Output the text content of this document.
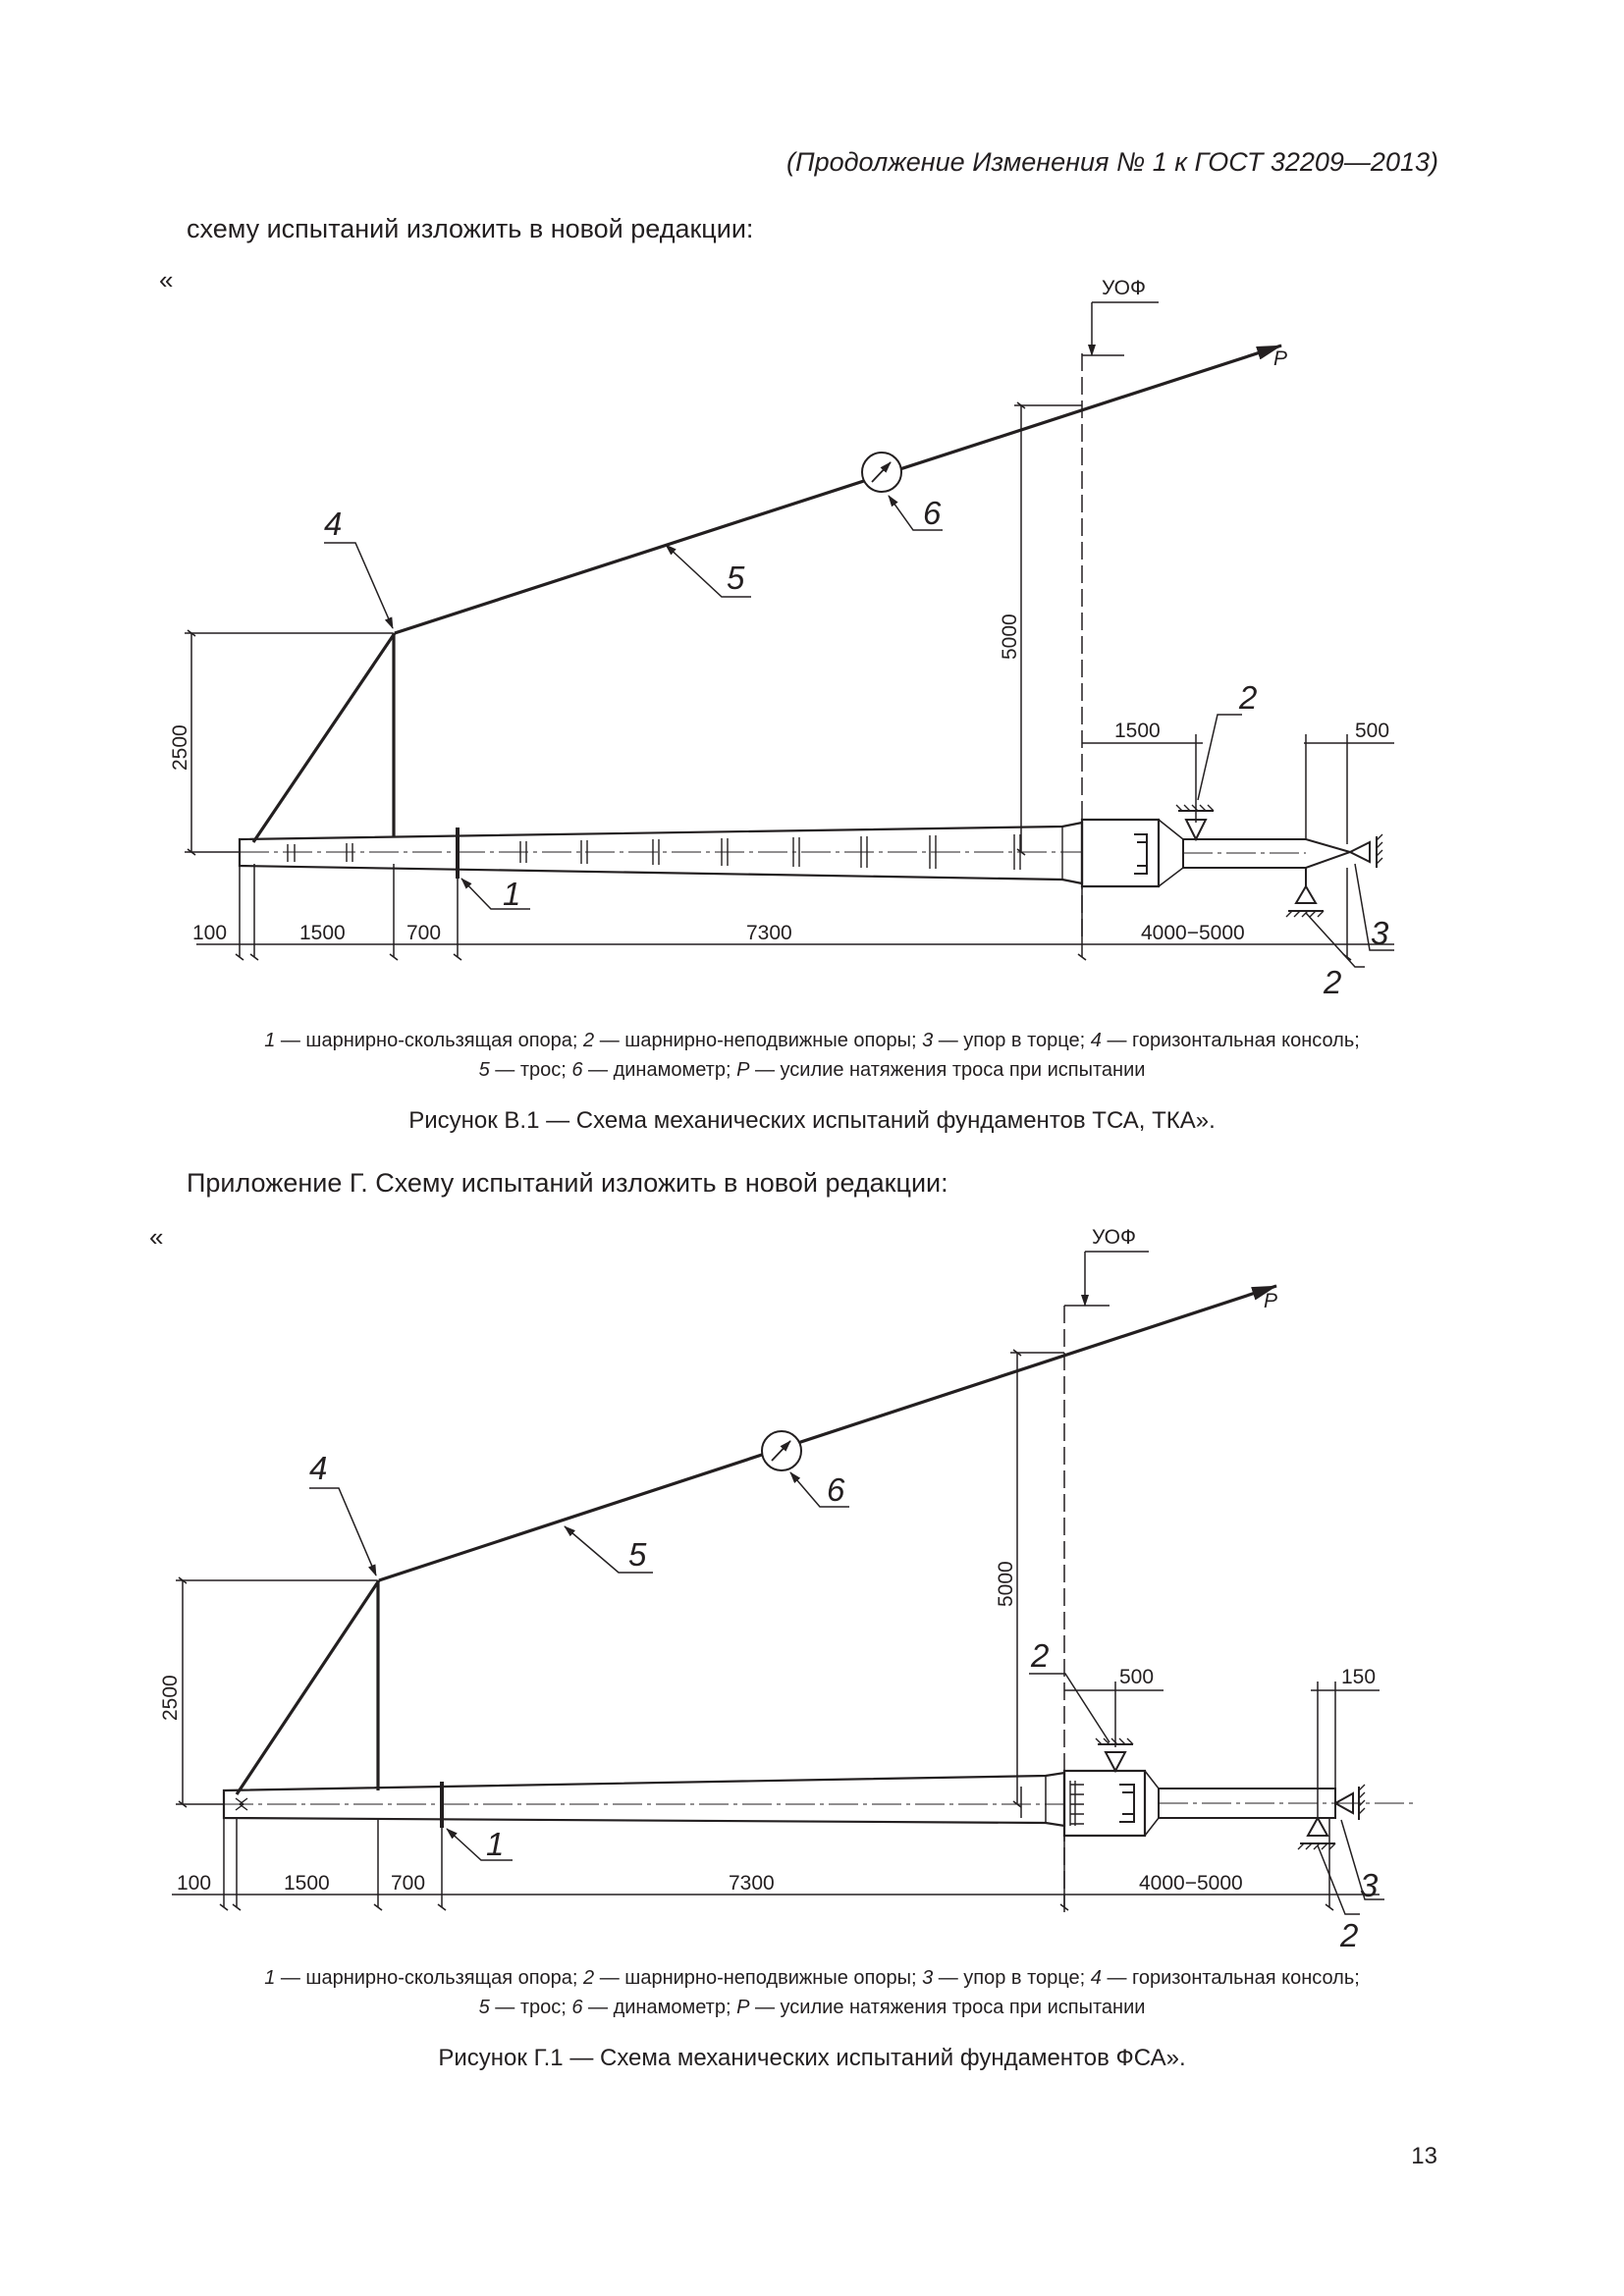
(Продолжение Изменения № 1 к ГОСТ 32209—2013)
схему испытаний изложить в новой редакции:
«	УОФ
P
4
5
6
1
2
2
3
2500
5000
100	1500	700	7300	4000−5000
1500	500
1 — шарнирно-скользящая опора; 2 — шарнирно-неподвижные опоры; 3 — упор в торце; 4 — горизонтальная консоль;
5 — трос; 6 — динамометр; P — усилие натяжения троса при испытании
Рисунок В.1 — Схема механических испытаний фундаментов ТСА, ТКА».
Приложение Г. Схему испытаний изложить в новой редакции:
«	УОФ
P
4
5
6
1
2
2
3
2500
5000
100	1500	700	7300	4000−5000
500	150
1 — шарнирно-скользящая опора; 2 — шарнирно-неподвижные опоры; 3 — упор в торце; 4 — горизонтальная консоль;
5 — трос; 6 — динамометр; P — усилие натяжения троса при испытании
Рисунок Г.1 — Схема механических испытаний фундаментов ФСА».
13
